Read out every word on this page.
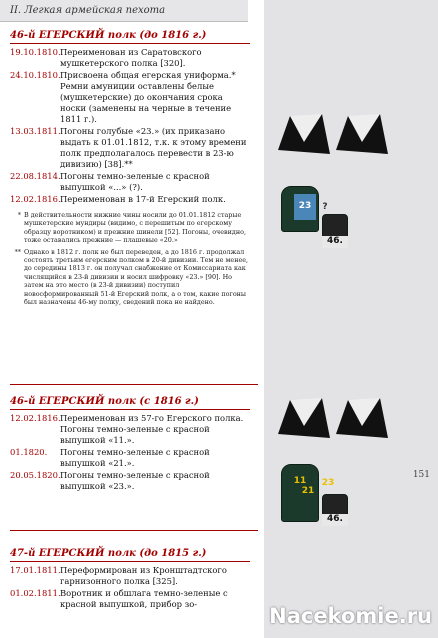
II. Легкая армейская пехота
46-й ЕГЕРСКИЙ полк (до 1816 г.)
19.10.1810. Переименован из Саратовского мушкетерского полка [320].
24.10.1810. Присвоена общая егерская униформа.* Ремни амуниции оставлены белые (мушкетерские) до окончания срока носки (заменены на черные в течение 1811 г.).
13.03.1811. Погоны голубые «23.» (их приказано выдать к 01.01.1812, т.к. к этому времени полк предполагалось перевести в 23-ю дивизию) [38].**
22.08.1814. Погоны темно-зеленые с красной выпушкой «...» (?).
12.02.1816. Переименован в 17-й Егерский полк.
* В действительности нижние чины носили до 01.01.1812 старые мушкетерские мундиры (видимо, с перешитым по егерскому образцу воротником) и прежние шинели [52]. Погоны, очевидно, тоже оставались прежние — плашевые «20.»
** Однако в 1812 г. полк не был переведен, а до 1816 г. продолжал состоять третьим егерским полком в 20-й дивизии. Тем не менее, до середины 1813 г. он получал снабжение от Комиссариата как числящийся в 23-й дивизии и носил шифровку «23.» [90]. Но затем на это место (в 23-й дивизии) поступил новосформированный 51-й Егерский полк, а о том, какие погоны был назначены 46-му полку, сведений пока не найдено.
46-й ЕГЕРСКИЙ полк (с 1816 г.)
12.02.1816. Переименован из 57-го Егерского полка. Погоны темно-зеленые с красной выпушкой «11.».
01.1820.	Погоны темно-зеленые с красной выпушкой «21.».
20.05.1820. Погоны темно-зеленые с красной выпушкой «23.».
47-й ЕГЕРСКИЙ полк (до 1815 г.)
17.01.1811. Переформирован из Кронштадтского гарнизонного полка [325].
01.02.1811. Воротник и обшлага темно-зеленые с красной выпушкой, прибор зо-
23	?
46.
11
21
23
46.
151
Nacekomie.ru
